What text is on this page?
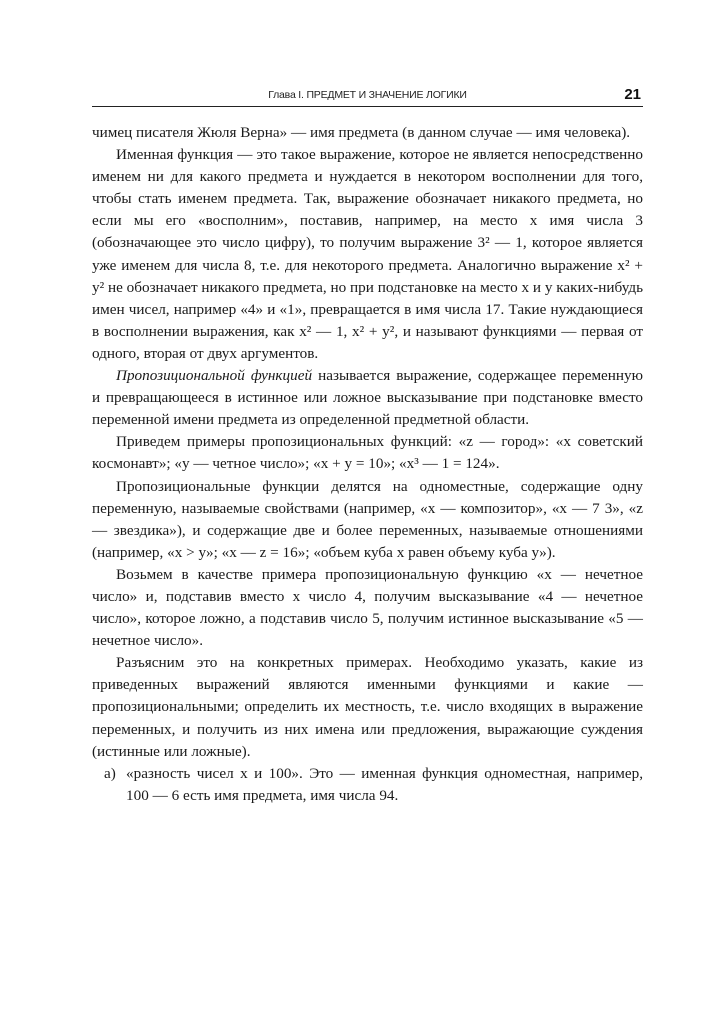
Глава I. ПРЕДМЕТ И ЗНАЧЕНИЕ ЛОГИКИ	21

чимец писателя Жюля Верна» — имя предмета (в данном случае — имя человека).

Именная функция — это такое выражение, которое не является непосредственно именем ни для какого предмета и нуждается в некотором восполнении для того, чтобы стать именем предмета. Так, выражение обозначает никакого предмета, но если мы его «восполним», поставив, например, на место х имя числа 3 (обозначающее это число цифру), то получим выражение 3² — 1, которое является уже именем для числа 8, т.е. для некоторого предмета. Аналогично выражение x² + y² не обозначает никакого предмета, но при подстановке на место x и y каких-нибудь имен чисел, например «4» и «1», превращается в имя числа 17. Такие нуждающиеся в восполнении выражения, как x² — 1, x² + y², и называют функциями — первая от одного, вторая от двух аргументов.

Пропозициональной функцией называется выражение, содержащее переменную и превращающееся в истинное или ложное высказывание при подстановке вместо переменной имени предмета из определенной предметной области.

Приведем примеры пропозициональных функций: «z — город»: «х советский космонавт»; «у — четное число»; «х + y = 10»; «х³ — 1 = 124».

Пропозициональные функции делятся на одноместные, содержащие одну переменную, называемые свойствами (например, «х — композитор», «х — 7 3», «z — звездика»), и содержащие две и более переменных, называемые отношениями (например, «x > y»; «x — z = 16»; «объем куба x равен объему куба y»).

Возьмем в качестве примера пропозициональную функцию «х — нечетное число» и, подставив вместо х число 4, получим высказывание «4 — нечетное число», которое ложно, а подставив число 5, получим истинное высказывание «5 — нечетное число».

Разъясним это на конкретных примерах. Необходимо указать, какие из приведенных выражений являются именными функциями и какие — пропозициональными; определить их местность, т.е. число входящих в выражение переменных, и получить из них имена или предложения, выражающие суждения (истинные или ложные).

а) «разность чисел х и 100». Это — именная функция одноместная, например, 100 — 6 есть имя предмета, имя числа 94.
